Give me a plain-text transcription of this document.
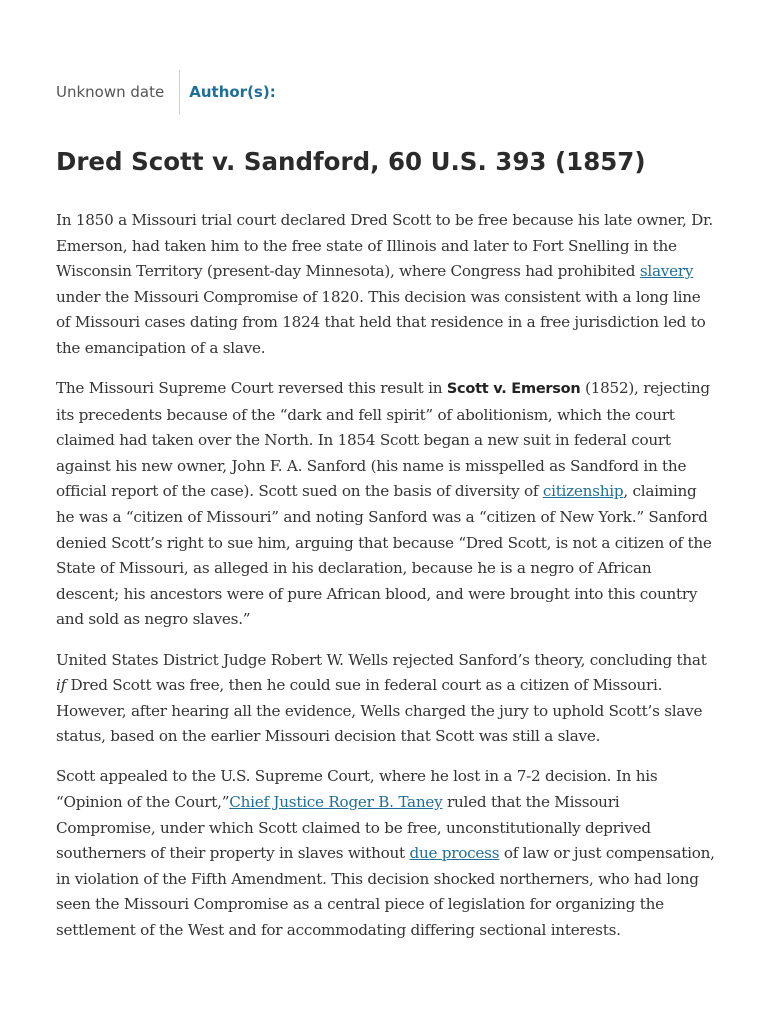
Unknown date	Author(s):
Dred Scott v. Sandford, 60 U.S. 393 (1857)

In 1850 a Missouri trial court declared Dred Scott to be free because his late owner, Dr. Emerson, had taken him to the free state of Illinois and later to Fort Snelling in the Wisconsin Territory (present-day Minnesota), where Congress had prohibited slavery under the Missouri Compromise of 1820. This decision was consistent with a long line of Missouri cases dating from 1824 that held that residence in a free jurisdiction led to the emancipation of a slave.

The Missouri Supreme Court reversed this result in Scott v. Emerson (1852), rejecting its precedents because of the “dark and fell spirit” of abolitionism, which the court claimed had taken over the North. In 1854 Scott began a new suit in federal court against his new owner, John F. A. Sanford (his name is misspelled as Sandford in the official report of the case). Scott sued on the basis of diversity of citizenship, claiming he was a “citizen of Missouri” and noting Sanford was a “citizen of New York.” Sanford denied Scott’s right to sue him, arguing that because “Dred Scott, is not a citizen of the State of Missouri, as alleged in his declaration, because he is a negro of African descent; his ancestors were of pure African blood, and were brought into this country and sold as negro slaves.”

United States District Judge Robert W. Wells rejected Sanford’s theory, concluding that if Dred Scott was free, then he could sue in federal court as a citizen of Missouri. However, after hearing all the evidence, Wells charged the jury to uphold Scott’s slave status, based on the earlier Missouri decision that Scott was still a slave.

Scott appealed to the U.S. Supreme Court, where he lost in a 7-2 decision. In his “Opinion of the Court,”Chief Justice Roger B. Taney ruled that the Missouri Compromise, under which Scott claimed to be free, unconstitutionally deprived southerners of their property in slaves without due process of law or just compensation, in violation of the Fifth Amendment. This decision shocked northerners, who had long seen the Missouri Compromise as a central piece of legislation for organizing the settlement of the West and for accommodating differing sectional interests.
